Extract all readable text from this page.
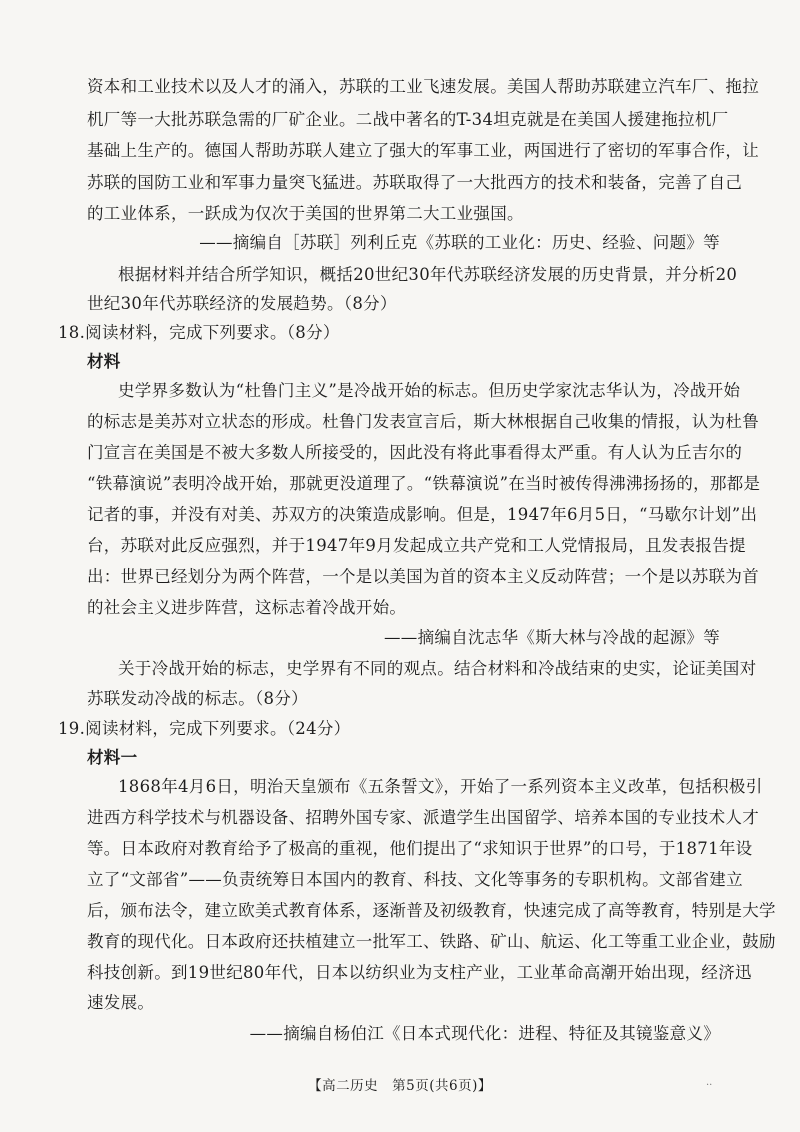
资本和工业技术以及人才的涌入，苏联的工业飞速发展。美国人帮助苏联建立汽车厂、拖拉
机厂等一大批苏联急需的厂矿企业。二战中著名的T-34坦克就是在美国人援建拖拉机厂
基础上生产的。德国人帮助苏联人建立了强大的军事工业，两国进行了密切的军事合作，让
苏联的国防工业和军事力量突飞猛进。苏联取得了一大批西方的技术和装备，完善了自己
的工业体系，一跃成为仅次于美国的世界第二大工业强国。
——摘编自［苏联］列利丘克《苏联的工业化：历史、经验、问题》等
根据材料并结合所学知识，概括20世纪30年代苏联经济发展的历史背景，并分析20
世纪30年代苏联经济的发展趋势。（8分）
18.阅读材料，完成下列要求。（8分）
材料
史学界多数认为“杜鲁门主义”是冷战开始的标志。但历史学家沈志华认为，冷战开始
的标志是美苏对立状态的形成。杜鲁门发表宣言后，斯大林根据自己收集的情报，认为杜鲁
门宣言在美国是不被大多数人所接受的，因此没有将此事看得太严重。有人认为丘吉尔的
“铁幕演说”表明冷战开始，那就更没道理了。“铁幕演说”在当时被传得沸沸扬扬的，那都是
记者的事，并没有对美、苏双方的决策造成影响。但是，1947年6月5日，“马歇尔计划”出
台，苏联对此反应强烈，并于1947年9月发起成立共产党和工人党情报局，且发表报告提
出：世界已经划分为两个阵营，一个是以美国为首的资本主义反动阵营；一个是以苏联为首
的社会主义进步阵营，这标志着冷战开始。
——摘编自沈志华《斯大林与冷战的起源》等
关于冷战开始的标志，史学界有不同的观点。结合材料和冷战结束的史实，论证美国对
苏联发动冷战的标志。（8分）
19.阅读材料，完成下列要求。（24分）
材料一
1868年4月6日，明治天皇颁布《五条誓文》，开始了一系列资本主义改革，包括积极引
进西方科学技术与机器设备、招聘外国专家、派遣学生出国留学、培养本国的专业技术人才
等。日本政府对教育给予了极高的重视，他们提出了“求知识于世界”的口号，于1871年设
立了“文部省”——负责统筹日本国内的教育、科技、文化等事务的专职机构。文部省建立
后，颁布法令，建立欧美式教育体系，逐渐普及初级教育，快速完成了高等教育，特别是大学
教育的现代化。日本政府还扶植建立一批军工、铁路、矿山、航运、化工等重工业企业，鼓励
科技创新。到19世纪80年代，日本以纺织业为支柱产业，工业革命高潮开始出现，经济迅
速发展。
——摘编自杨伯江《日本式现代化：进程、特征及其镜鉴意义》
【高二历史　第5页(共6页)】	..
